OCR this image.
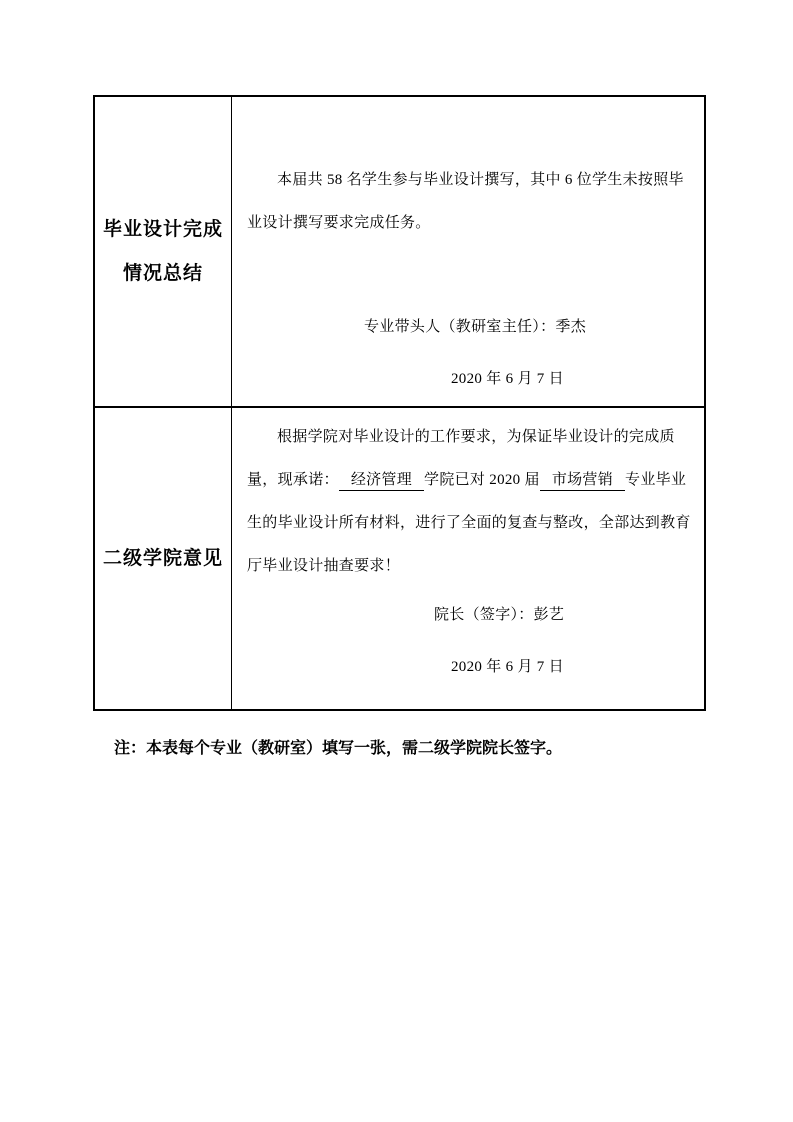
毕业设计完成
情况总结
本届共 58 名学生参与毕业设计撰写，其中 6 位学生未按照毕
业设计撰写要求完成任务。
专业带头人（教研室主任）：季杰
2020 年 6 月 7 日
二级学院意见
根据学院对毕业设计的工作要求，为保证毕业设计的完成质
量，现承诺： 经济管理 学院已对 2020 届 市场营销 专业毕业
生的毕业设计所有材料，进行了全面的复查与整改，全部达到教育
厅毕业设计抽查要求！
院长（签字）：彭艺
2020 年 6 月 7 日
注：本表每个专业（教研室）填写一张，需二级学院院长签字。
